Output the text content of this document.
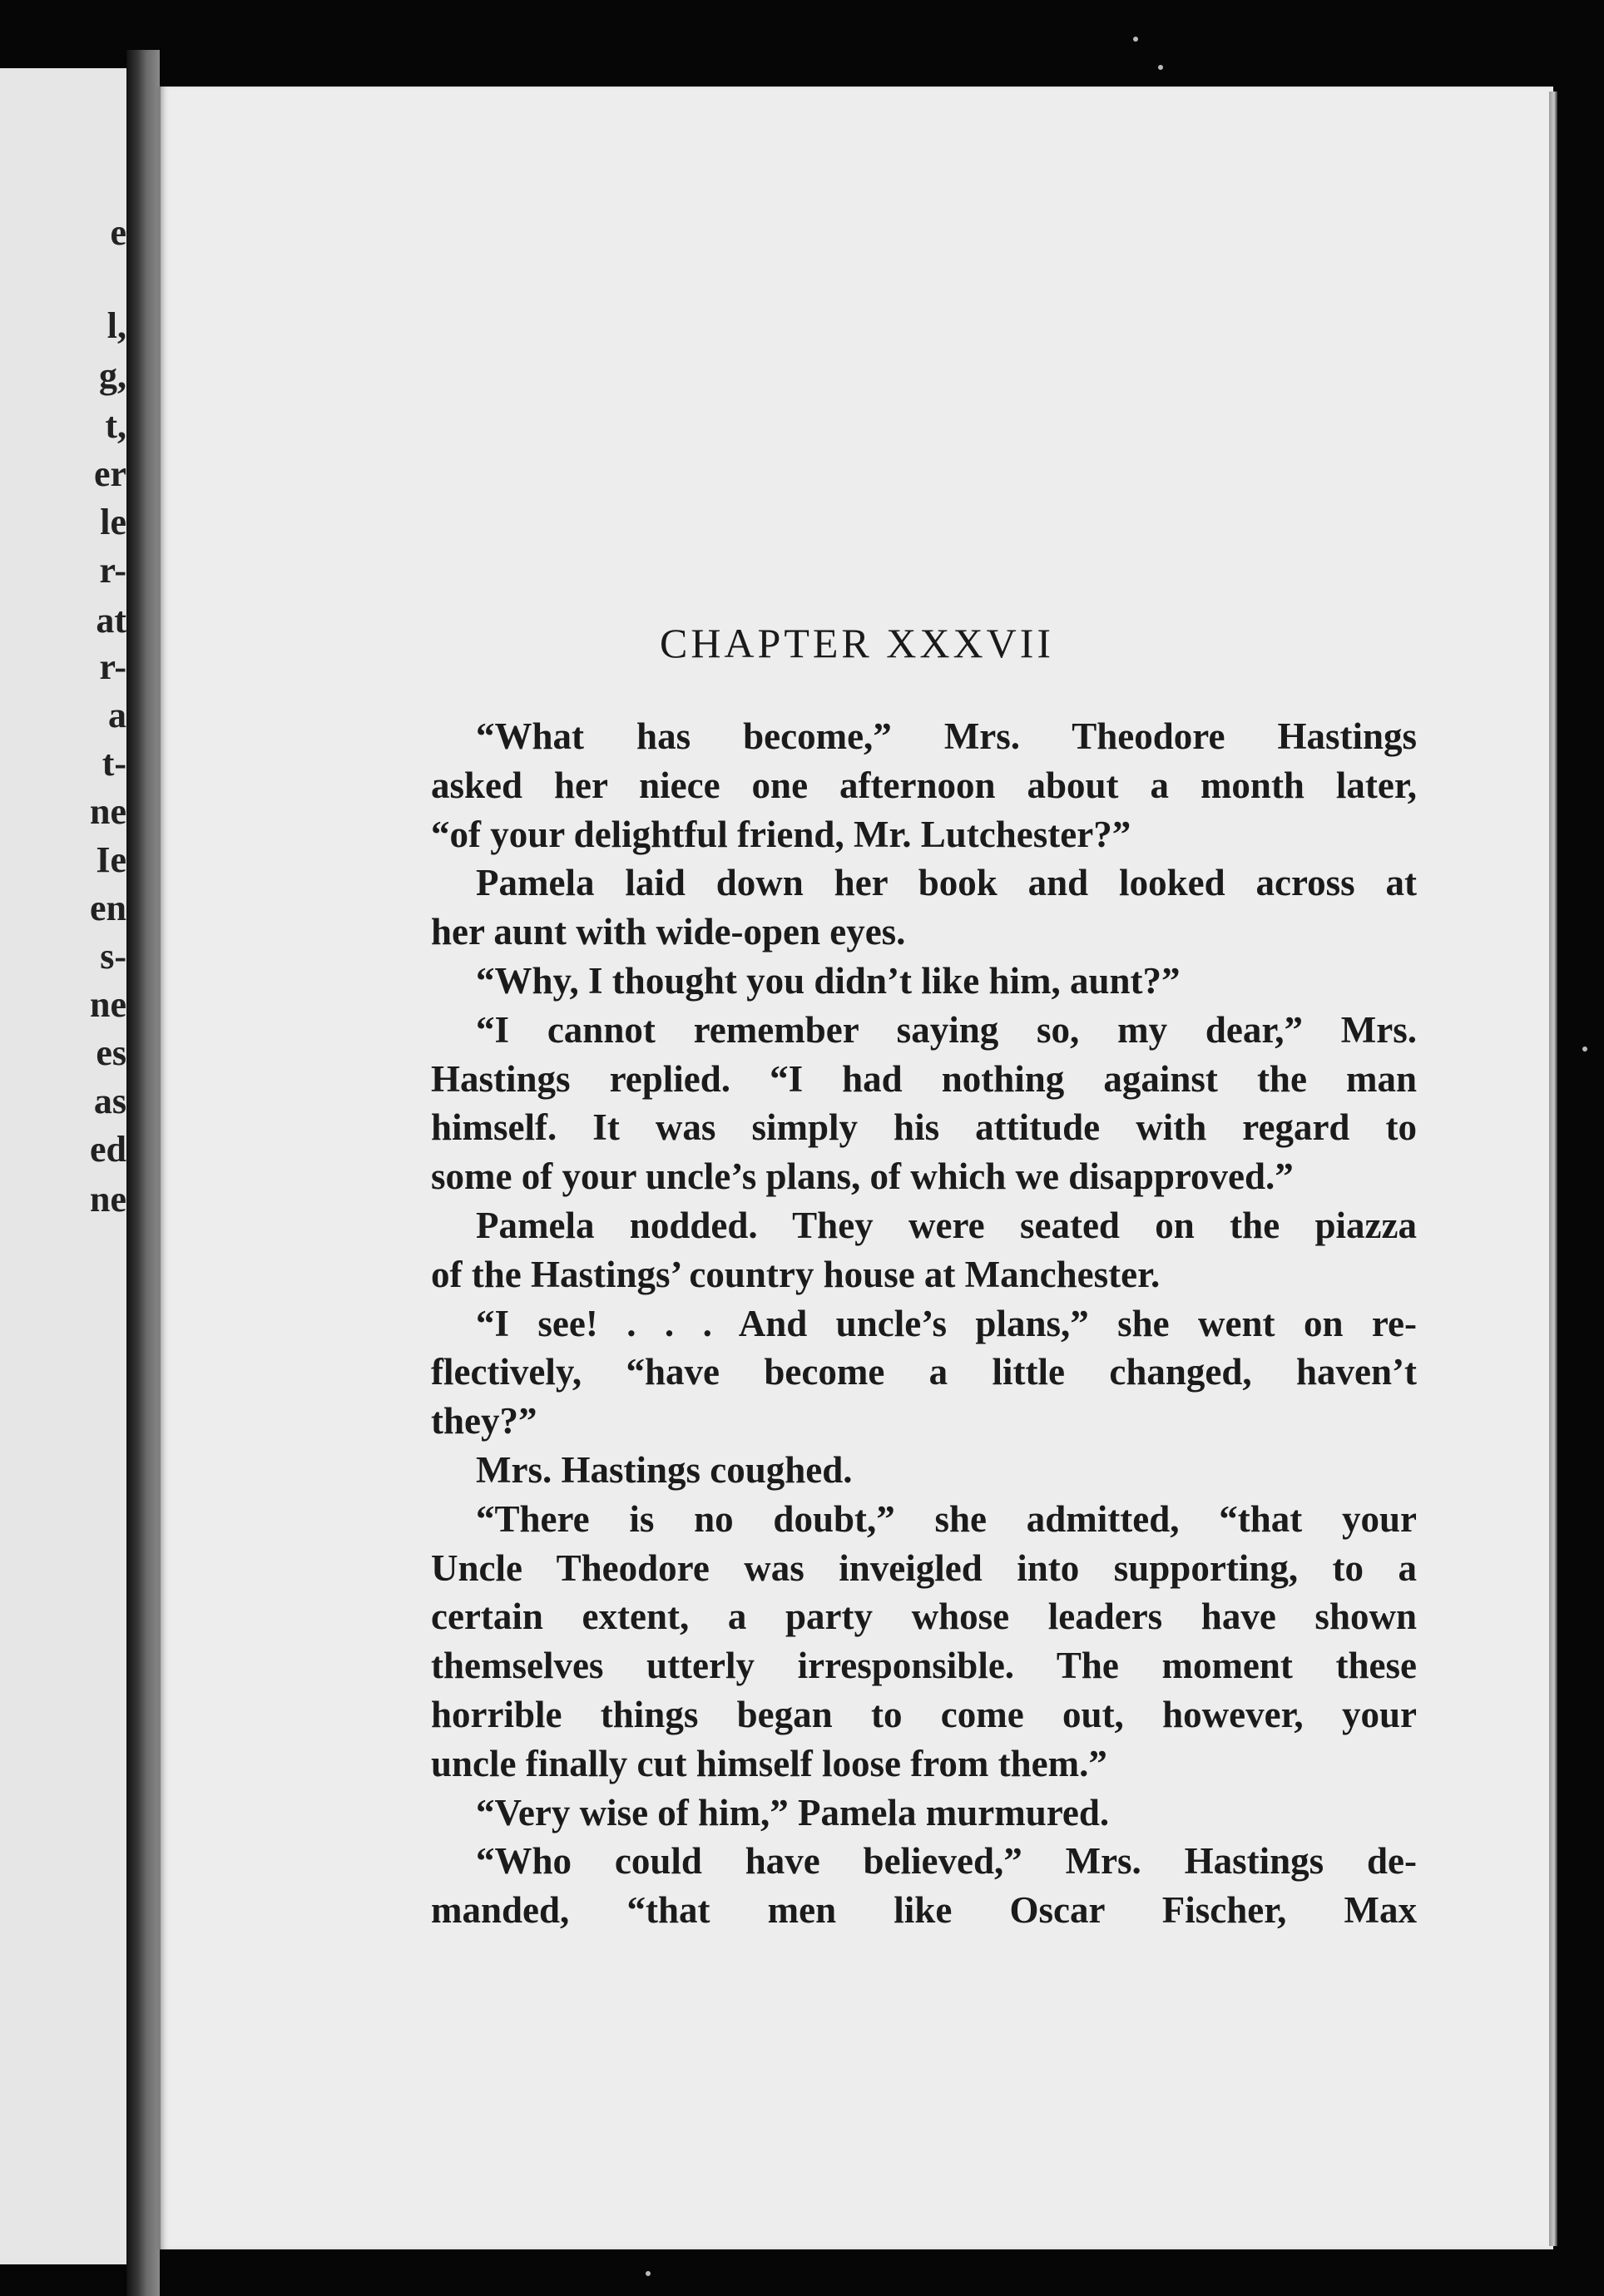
e
l,
g,
t,
er
le
r-
at
r-
a
t-
ne
Ie
en
s-
ne
es
as
ed
ne
CHAPTER XXXVII
“What has become,” Mrs. Theodore Hastings
asked her niece one afternoon about a month later,
“of your delightful friend, Mr. Lutchester?”
Pamela laid down her book and looked across at
her aunt with wide-open eyes.
“Why, I thought you didn’t like him, aunt?”
“I cannot remember saying so, my dear,” Mrs.
Hastings replied. “I had nothing against the man
himself. It was simply his attitude with regard to
some of your uncle’s plans, of which we disapproved.”
Pamela nodded. They were seated on the piazza
of the Hastings’ country house at Manchester.
“I see! . . . And uncle’s plans,” she went on re-
flectively, “have become a little changed, haven’t
they?”
Mrs. Hastings coughed.
“There is no doubt,” she admitted, “that your
Uncle Theodore was inveigled into supporting, to a
certain extent, a party whose leaders have shown
themselves utterly irresponsible. The moment these
horrible things began to come out, however, your
uncle finally cut himself loose from them.”
“Very wise of him,” Pamela murmured.
“Who could have believed,” Mrs. Hastings de-
manded, “that men like Oscar Fischer, Max
